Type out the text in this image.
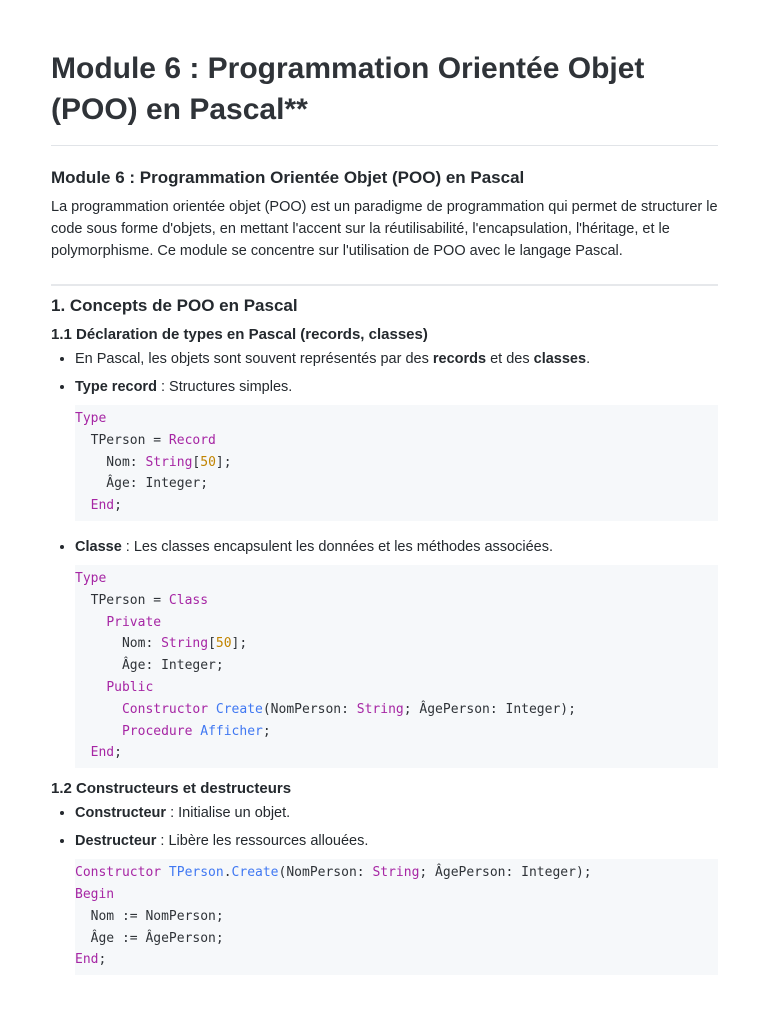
Module 6 : Programmation Orientée Objet (POO) en Pascal**
Module 6 : Programmation Orientée Objet (POO) en Pascal

La programmation orientée objet (POO) est un paradigme de programmation qui permet de structurer le code sous forme d'objets, en mettant l'accent sur la réutilisabilité, l'encapsulation, l'héritage, et le polymorphisme. Ce module se concentre sur l'utilisation de POO avec le langage Pascal.

1. Concepts de POO en Pascal
1.1 Déclaration de types en Pascal (records, classes)
• En Pascal, les objets sont souvent représentés par des records et des classes.
• Type record : Structures simples.
Type
TPerson = Record
Nom: String[50];
Âge: Integer;
End;
• Classe : Les classes encapsulent les données et les méthodes associées.
Type
TPerson = Class
Private
Nom: String[50];
Âge: Integer;
Public
Constructor Create(NomPerson: String; ÂgePerson: Integer);
Procedure Afficher;
End;
1.2 Constructeurs et destructeurs
• Constructeur : Initialise un objet.
• Destructeur : Libère les ressources allouées.
Constructor TPerson.Create(NomPerson: String; ÂgePerson: Integer);
Begin
Nom := NomPerson;
Âge := ÂgePerson;
End;
